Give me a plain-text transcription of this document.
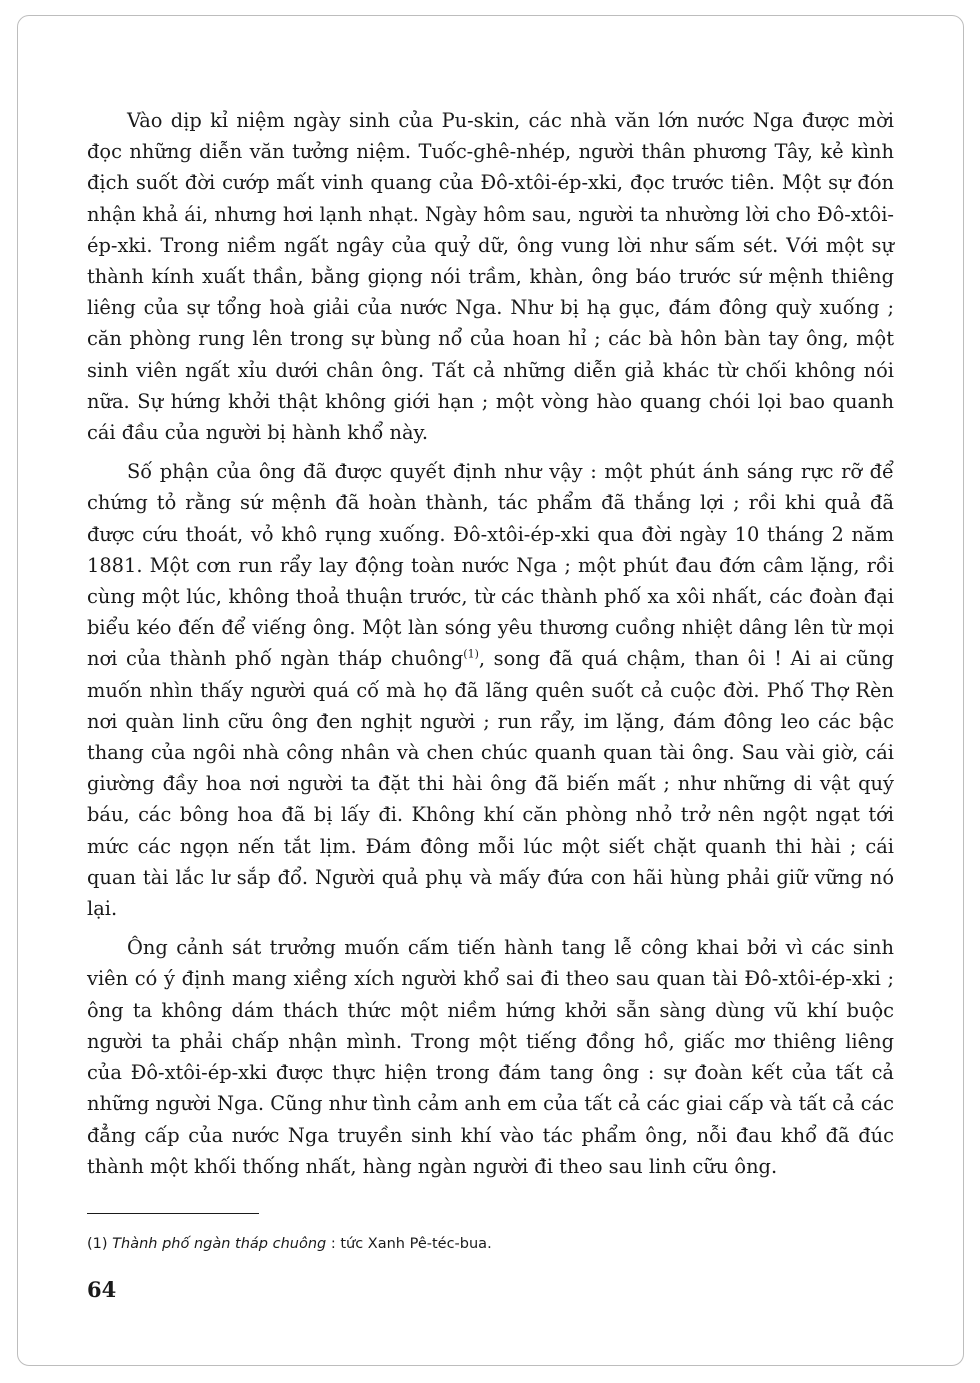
Vào dịp kỉ niệm ngày sinh của Pu-skin, các nhà văn lớn nước Nga được mời đọc những diễn văn tưởng niệm. Tuốc-ghê-nhép, người thân phương Tây, kẻ kình địch suốt đời cướp mất vinh quang của Đô-xtôi-ép-xki, đọc trước tiên. Một sự đón nhận khả ái, nhưng hơi lạnh nhạt. Ngày hôm sau, người ta nhường lời cho Đô-xtôi-ép-xki. Trong niềm ngất ngây của quỷ dữ, ông vung lời như sấm sét. Với một sự thành kính xuất thần, bằng giọng nói trầm, khàn, ông báo trước sứ mệnh thiêng liêng của sự tổng hoà giải của nước Nga. Như bị hạ gục, đám đông quỳ xuống ; căn phòng rung lên trong sự bùng nổ của hoan hỉ ; các bà hôn bàn tay ông, một sinh viên ngất xỉu dưới chân ông. Tất cả những diễn giả khác từ chối không nói nữa. Sự hứng khởi thật không giới hạn ; một vòng hào quang chói lọi bao quanh cái đầu của người bị hành khổ này.

Số phận của ông đã được quyết định như vậy : một phút ánh sáng rực rỡ để chứng tỏ rằng sứ mệnh đã hoàn thành, tác phẩm đã thắng lợi ; rồi khi quả đã được cứu thoát, vỏ khô rụng xuống. Đô-xtôi-ép-xki qua đời ngày 10 tháng 2 năm 1881. Một cơn run rẩy lay động toàn nước Nga ; một phút đau đớn câm lặng, rồi cùng một lúc, không thoả thuận trước, từ các thành phố xa xôi nhất, các đoàn đại biểu kéo đến để viếng ông. Một làn sóng yêu thương cuồng nhiệt dâng lên từ mọi nơi của thành phố ngàn tháp chuông$^{(1)}$, song đã quá chậm, than ôi ! Ai ai cũng muốn nhìn thấy người quá cố mà họ đã lãng quên suốt cả cuộc đời. Phố Thợ Rèn nơi quàn linh cữu ông đen nghịt người ; run rẩy, im lặng, đám đông leo các bậc thang của ngôi nhà công nhân và chen chúc quanh quan tài ông. Sau vài giờ, cái giường đầy hoa nơi người ta đặt thi hài ông đã biến mất ; như những di vật quý báu, các bông hoa đã bị lấy đi. Không khí căn phòng nhỏ trở nên ngột ngạt tới mức các ngọn nến tắt lịm. Đám đông mỗi lúc một siết chặt quanh thi hài ; cái quan tài lắc lư sắp đổ. Người quả phụ và mấy đứa con hãi hùng phải giữ vững nó lại.

Ông cảnh sát trưởng muốn cấm tiến hành tang lễ công khai bởi vì các sinh viên có ý định mang xiềng xích người khổ sai đi theo sau quan tài Đô-xtôi-ép-xki ; ông ta không dám thách thức một niềm hứng khởi sẵn sàng dùng vũ khí buộc người ta phải chấp nhận mình. Trong một tiếng đồng hồ, giấc mơ thiêng liêng của Đô-xtôi-ép-xki được thực hiện trong đám tang ông : sự đoàn kết của tất cả những người Nga. Cũng như tình cảm anh em của tất cả các giai cấp và tất cả các đẳng cấp của nước Nga truyền sinh khí vào tác phẩm ông, nỗi đau khổ đã đúc thành một khối thống nhất, hàng ngàn người đi theo sau linh cữu ông.

(1) Thành phố ngàn tháp chuông : tức Xanh Pê-téc-bua.
64
